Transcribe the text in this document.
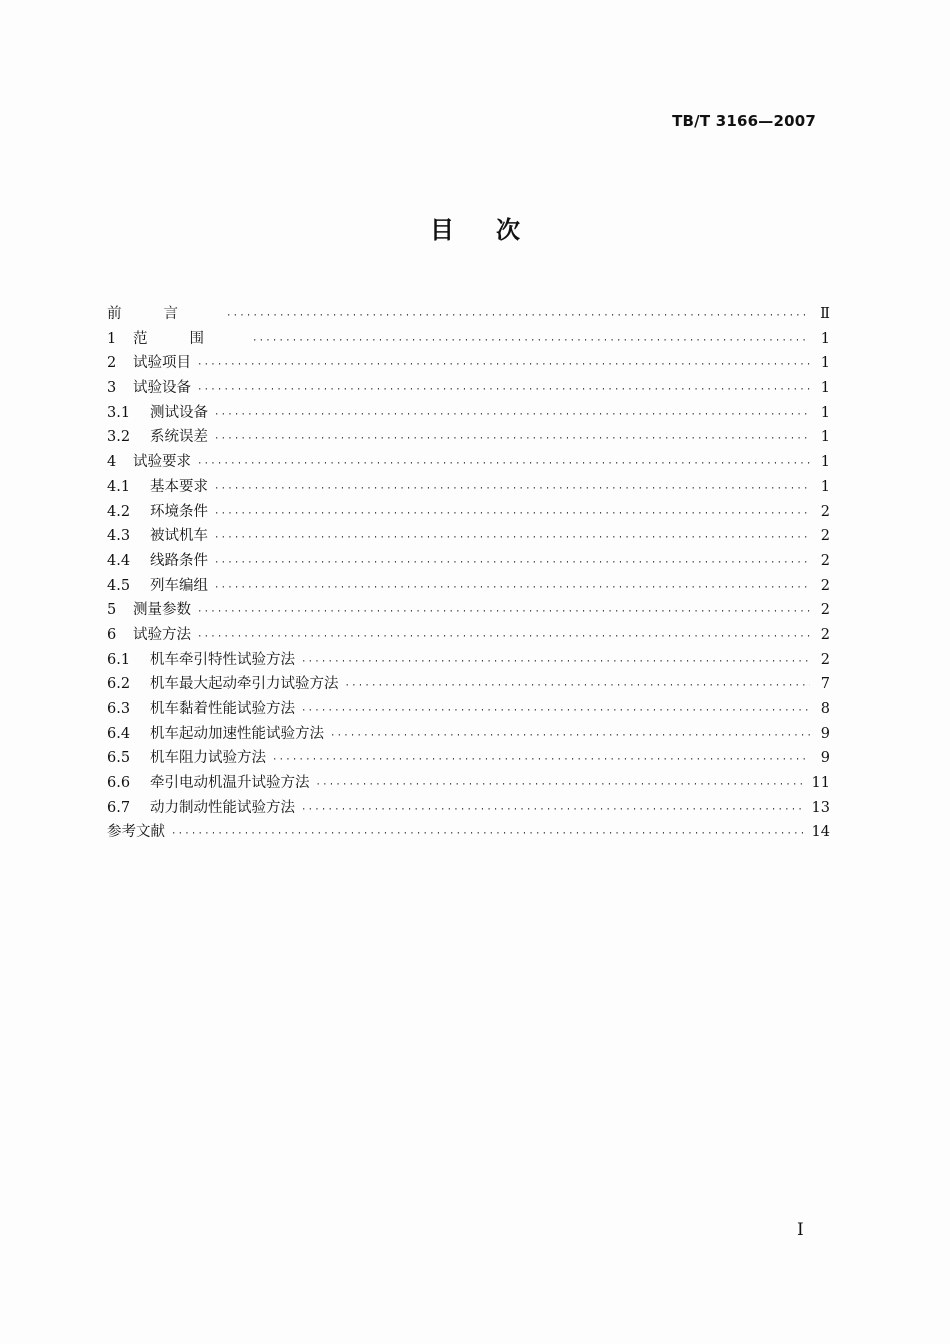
TB/T 3166—2007
目次
前言 ·····	Ⅱ
1	范围 ·····	1
2	试验项目 ·····	1
3	试验设备 ·····	1
3.1	测试设备 ·····	1
3.2	系统误差 ·····	1
4	试验要求 ·····	1
4.1	基本要求 ·····	1
4.2	环境条件 ·····	2
4.3	被试机车 ·····	2
4.4	线路条件 ·····	2
4.5	列车编组 ·····	2
5	测量参数 ·····	2
6	试验方法 ·····	2
6.1	机车牵引特性试验方法 ·····	2
6.2	机车最大起动牵引力试验方法 ·····	7
6.3	机车黏着性能试验方法 ·····	8
6.4	机车起动加速性能试验方法 ·····	9
6.5	机车阻力试验方法 ·····	9
6.6	牵引电动机温升试验方法 ·····	11
6.7	动力制动性能试验方法 ·····	13
参考文献 ·····	14
Ⅰ
